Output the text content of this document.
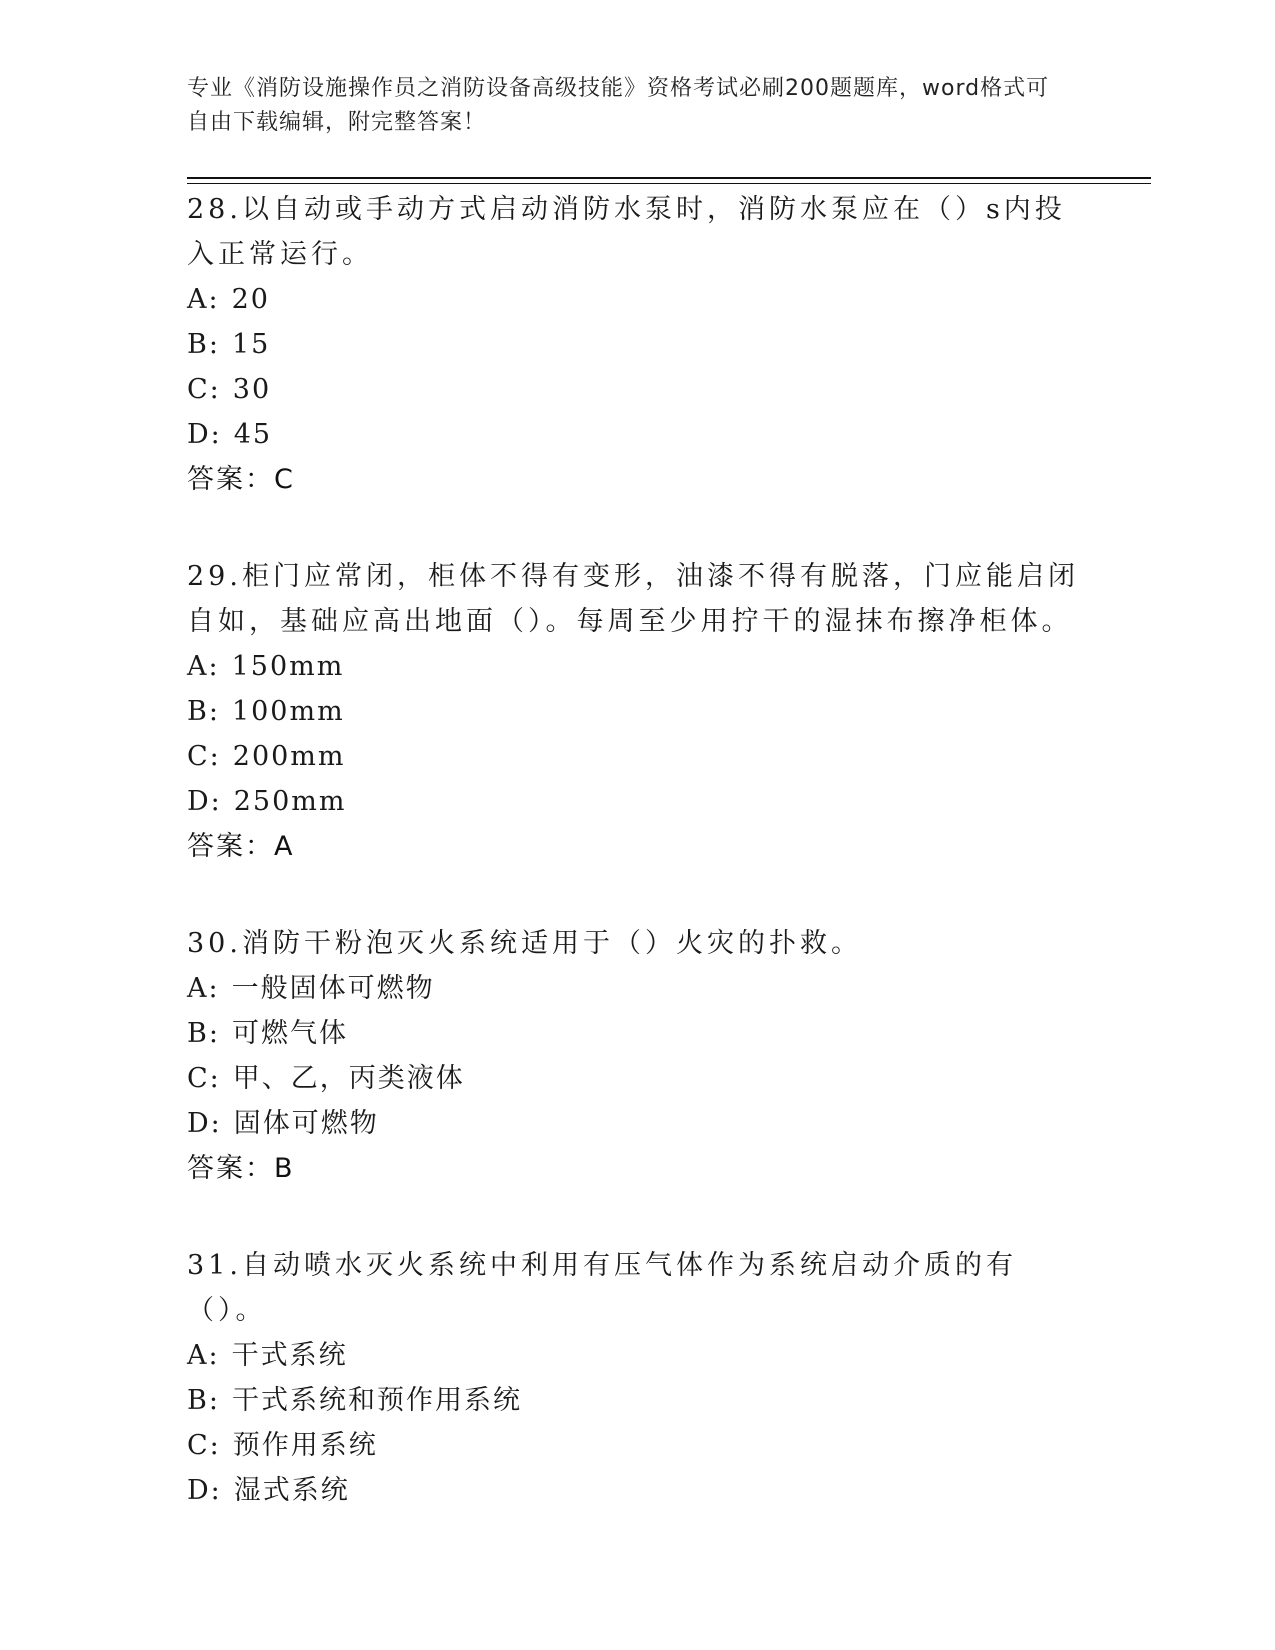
专业《消防设施操作员之消防设备高级技能》资格考试必刷200题题库，word格式可自由下载编辑，附完整答案！

28.以自动或手动方式启动消防水泵时，消防水泵应在（）s内投入正常运行。

A: 20

B: 15

C: 30

D: 45

答案：C

29.柜门应常闭，柜体不得有变形，油漆不得有脱落，门应能启闭自如，基础应高出地面（）。每周至少用拧干的湿抹布擦净柜体。

A: 150mm

B: 100mm

C: 200mm

D: 250mm

答案：A

30.消防干粉泡灭火系统适用于（）火灾的扑救。

A: 一般固体可燃物

B: 可燃气体

C: 甲、乙，丙类液体

D: 固体可燃物

答案：B

31.自动喷水灭火系统中利用有压气体作为系统启动介质的有（）。

A: 干式系统

B: 干式系统和预作用系统

C: 预作用系统

D: 湿式系统
